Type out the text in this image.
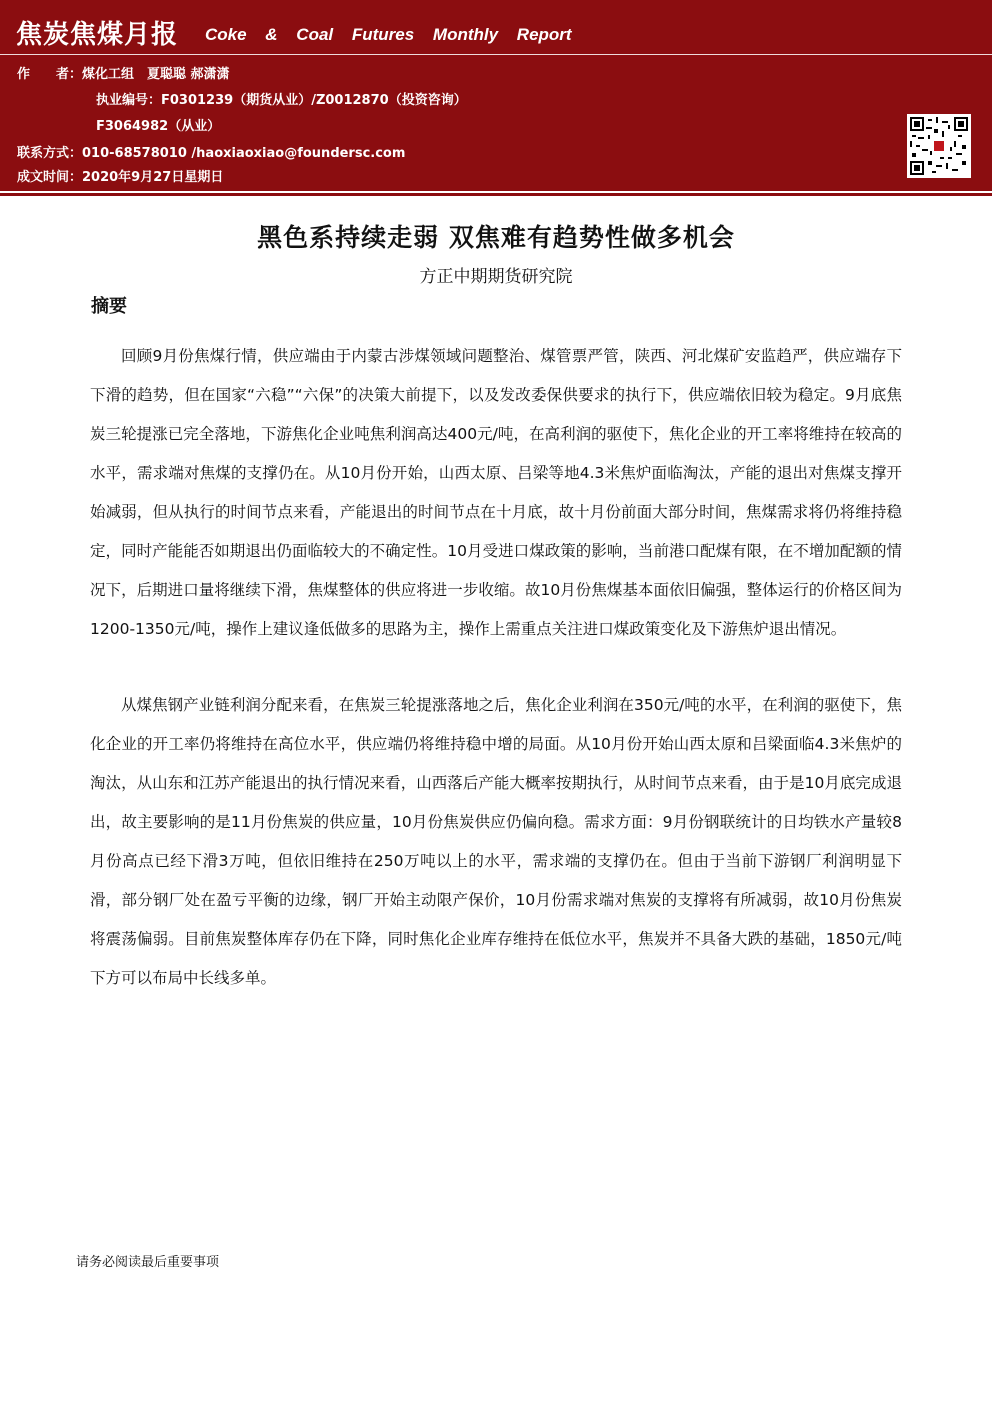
焦炭焦煤月报 Coke & Coal Futures Monthly Report
作　　者：煤化工组　夏聪聪 郝潇潇
执业编号：F0301239（期货从业）/Z0012870（投资咨询）
F3064982（从业）
联系方式：010-68578010 /haoxiaoxiao@foundersc.com
成文时间：2020年9月27日星期日
黑色系持续走弱 双焦难有趋势性做多机会
方正中期期货研究院
摘要

回顾9月份焦煤行情，供应端由于内蒙古涉煤领域问题整治、煤管票严管，陕西、河北煤矿安监趋严，供应端存下下滑的趋势，但在国家“六稳”“六保”的决策大前提下，以及发改委保供要求的执行下，供应端依旧较为稳定。9月底焦炭三轮提涨已完全落地，下游焦化企业吨焦利润高达400元/吨，在高利润的驱使下，焦化企业的开工率将维持在较高的水平，需求端对焦煤的支撑仍在。从10月份开始，山西太原、吕梁等地4.3米焦炉面临淘汰，产能的退出对焦煤支撑开始减弱，但从执行的时间节点来看，产能退出的时间节点在十月底，故十月份前面大部分时间，焦煤需求将仍将维持稳定，同时产能能否如期退出仍面临较大的不确定性。10月受进口煤政策的影响，当前港口配煤有限，在不增加配额的情况下，后期进口量将继续下滑，焦煤整体的供应将进一步收缩。故10月份焦煤基本面依旧偏强，整体运行的价格区间为1200-1350元/吨，操作上建议逢低做多的思路为主，操作上需重点关注进口煤政策变化及下游焦炉退出情况。

从煤焦钢产业链利润分配来看，在焦炭三轮提涨落地之后，焦化企业利润在350元/吨的水平，在利润的驱使下，焦化企业的开工率仍将维持在高位水平，供应端仍将维持稳中增的局面。从10月份开始山西太原和吕梁面临4.3米焦炉的淘汰，从山东和江苏产能退出的执行情况来看，山西落后产能大概率按期执行，从时间节点来看，由于是10月底完成退出，故主要影响的是11月份焦炭的供应量，10月份焦炭供应仍偏向稳。需求方面：9月份钢联统计的日均铁水产量较8月份高点已经下滑3万吨，但依旧维持在250万吨以上的水平，需求端的支撑仍在。但由于当前下游钢厂利润明显下滑，部分钢厂处在盈亏平衡的边缘，钢厂开始主动限产保价，10月份需求端对焦炭的支撑将有所减弱，故10月份焦炭将震荡偏弱。目前焦炭整体库存仍在下降，同时焦化企业库存维持在低位水平，焦炭并不具备大跌的基础，1850元/吨下方可以布局中长线多单。

请务必阅读最后重要事项
